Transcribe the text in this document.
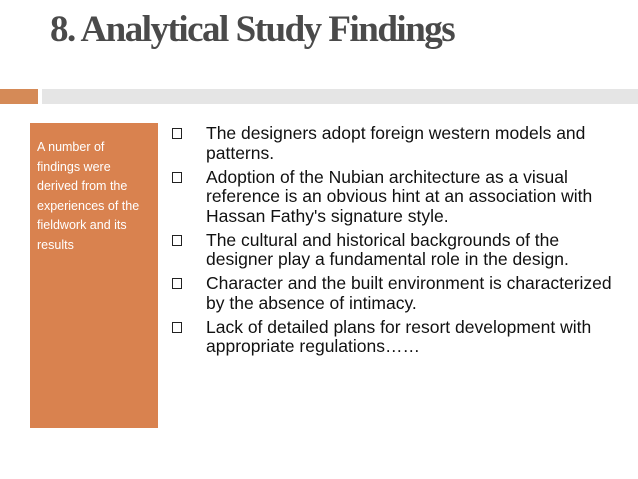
8. Analytical Study Findings
A number of findings were derived from the experiences of the fieldwork and its results
The designers adopt foreign western models and patterns.
Adoption of the Nubian architecture as a visual reference is an obvious hint at an association with Hassan Fathy's signature style.
The cultural and historical backgrounds of the designer play a fundamental role in the design.
Character and the built environment is characterized by the absence of intimacy.
Lack of detailed plans for resort development with appropriate regulations……
